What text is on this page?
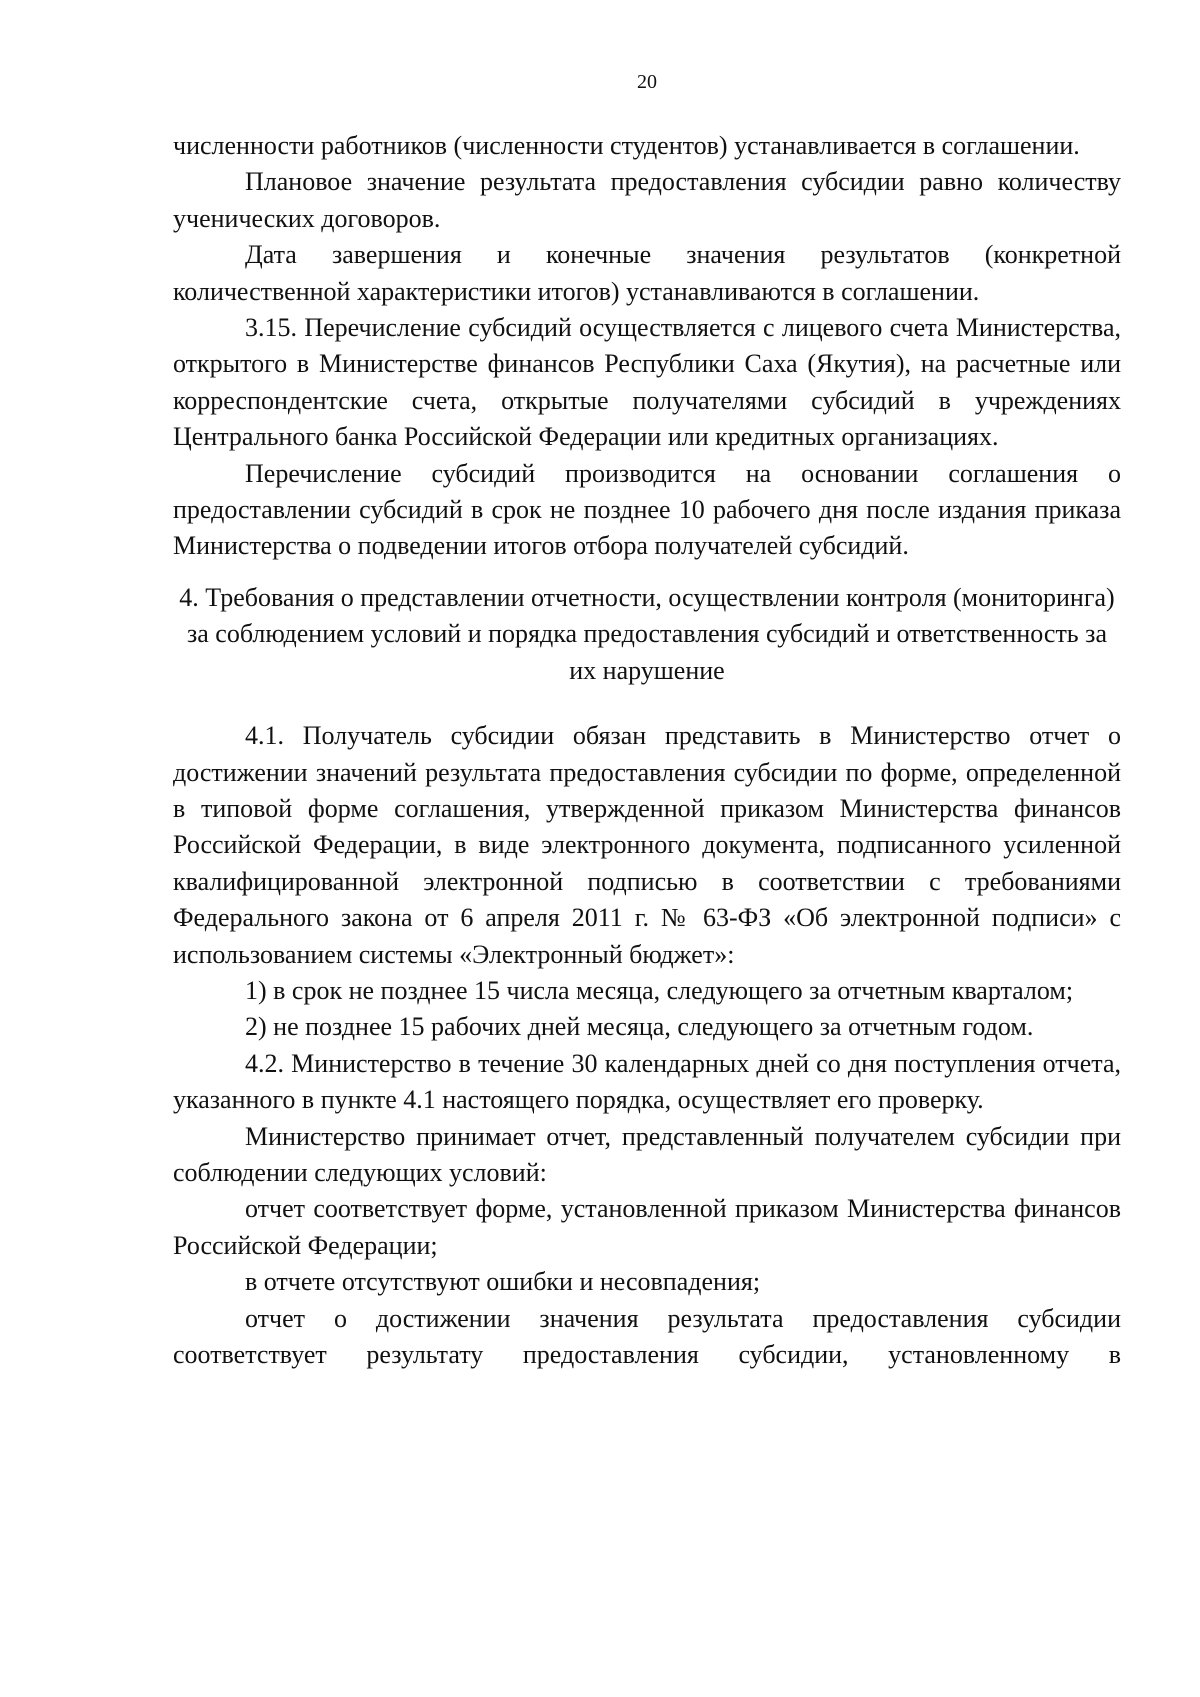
20

численности работников (численности студентов) устанавливается в соглашении.

Плановое значение результата предоставления субсидии равно количеству ученических договоров.

Дата завершения и конечные значения результатов (конкретной количественной характеристики итогов) устанавливаются в соглашении.

3.15. Перечисление субсидий осуществляется с лицевого счета Министерства, открытого в Министерстве финансов Республики Саха (Якутия), на расчетные или корреспондентские счета, открытые получателями субсидий в учреждениях Центрального банка Российской Федерации или кредитных организациях.

Перечисление субсидий производится на основании соглашения о предоставлении субсидий в срок не позднее 10 рабочего дня после издания приказа Министерства о подведении итогов отбора получателей субсидий.

4. Требования о представлении отчетности, осуществлении контроля (мониторинга) за соблюдением условий и порядка предоставления субсидий и ответственность за их нарушение

4.1. Получатель субсидии обязан представить в Министерство отчет о достижении значений результата предоставления субсидии по форме, определенной в типовой форме соглашения, утвержденной приказом Министерства финансов Российской Федерации, в виде электронного документа, подписанного усиленной квалифицированной электронной подписью в соответствии с требованиями Федерального закона от 6 апреля 2011 г. № 63-ФЗ «Об электронной подписи» с использованием системы «Электронный бюджет»:

1) в срок не позднее 15 числа месяца, следующего за отчетным кварталом;

2) не позднее 15 рабочих дней месяца, следующего за отчетным годом.

4.2. Министерство в течение 30 календарных дней со дня поступления отчета, указанного в пункте 4.1 настоящего порядка, осуществляет его проверку.

Министерство принимает отчет, представленный получателем субсидии при соблюдении следующих условий:

отчет соответствует форме, установленной приказом Министерства финансов Российской Федерации;

в отчете отсутствуют ошибки и несовпадения;

отчет о достижении значения результата предоставления субсидии соответствует результату предоставления субсидии, установленному в
